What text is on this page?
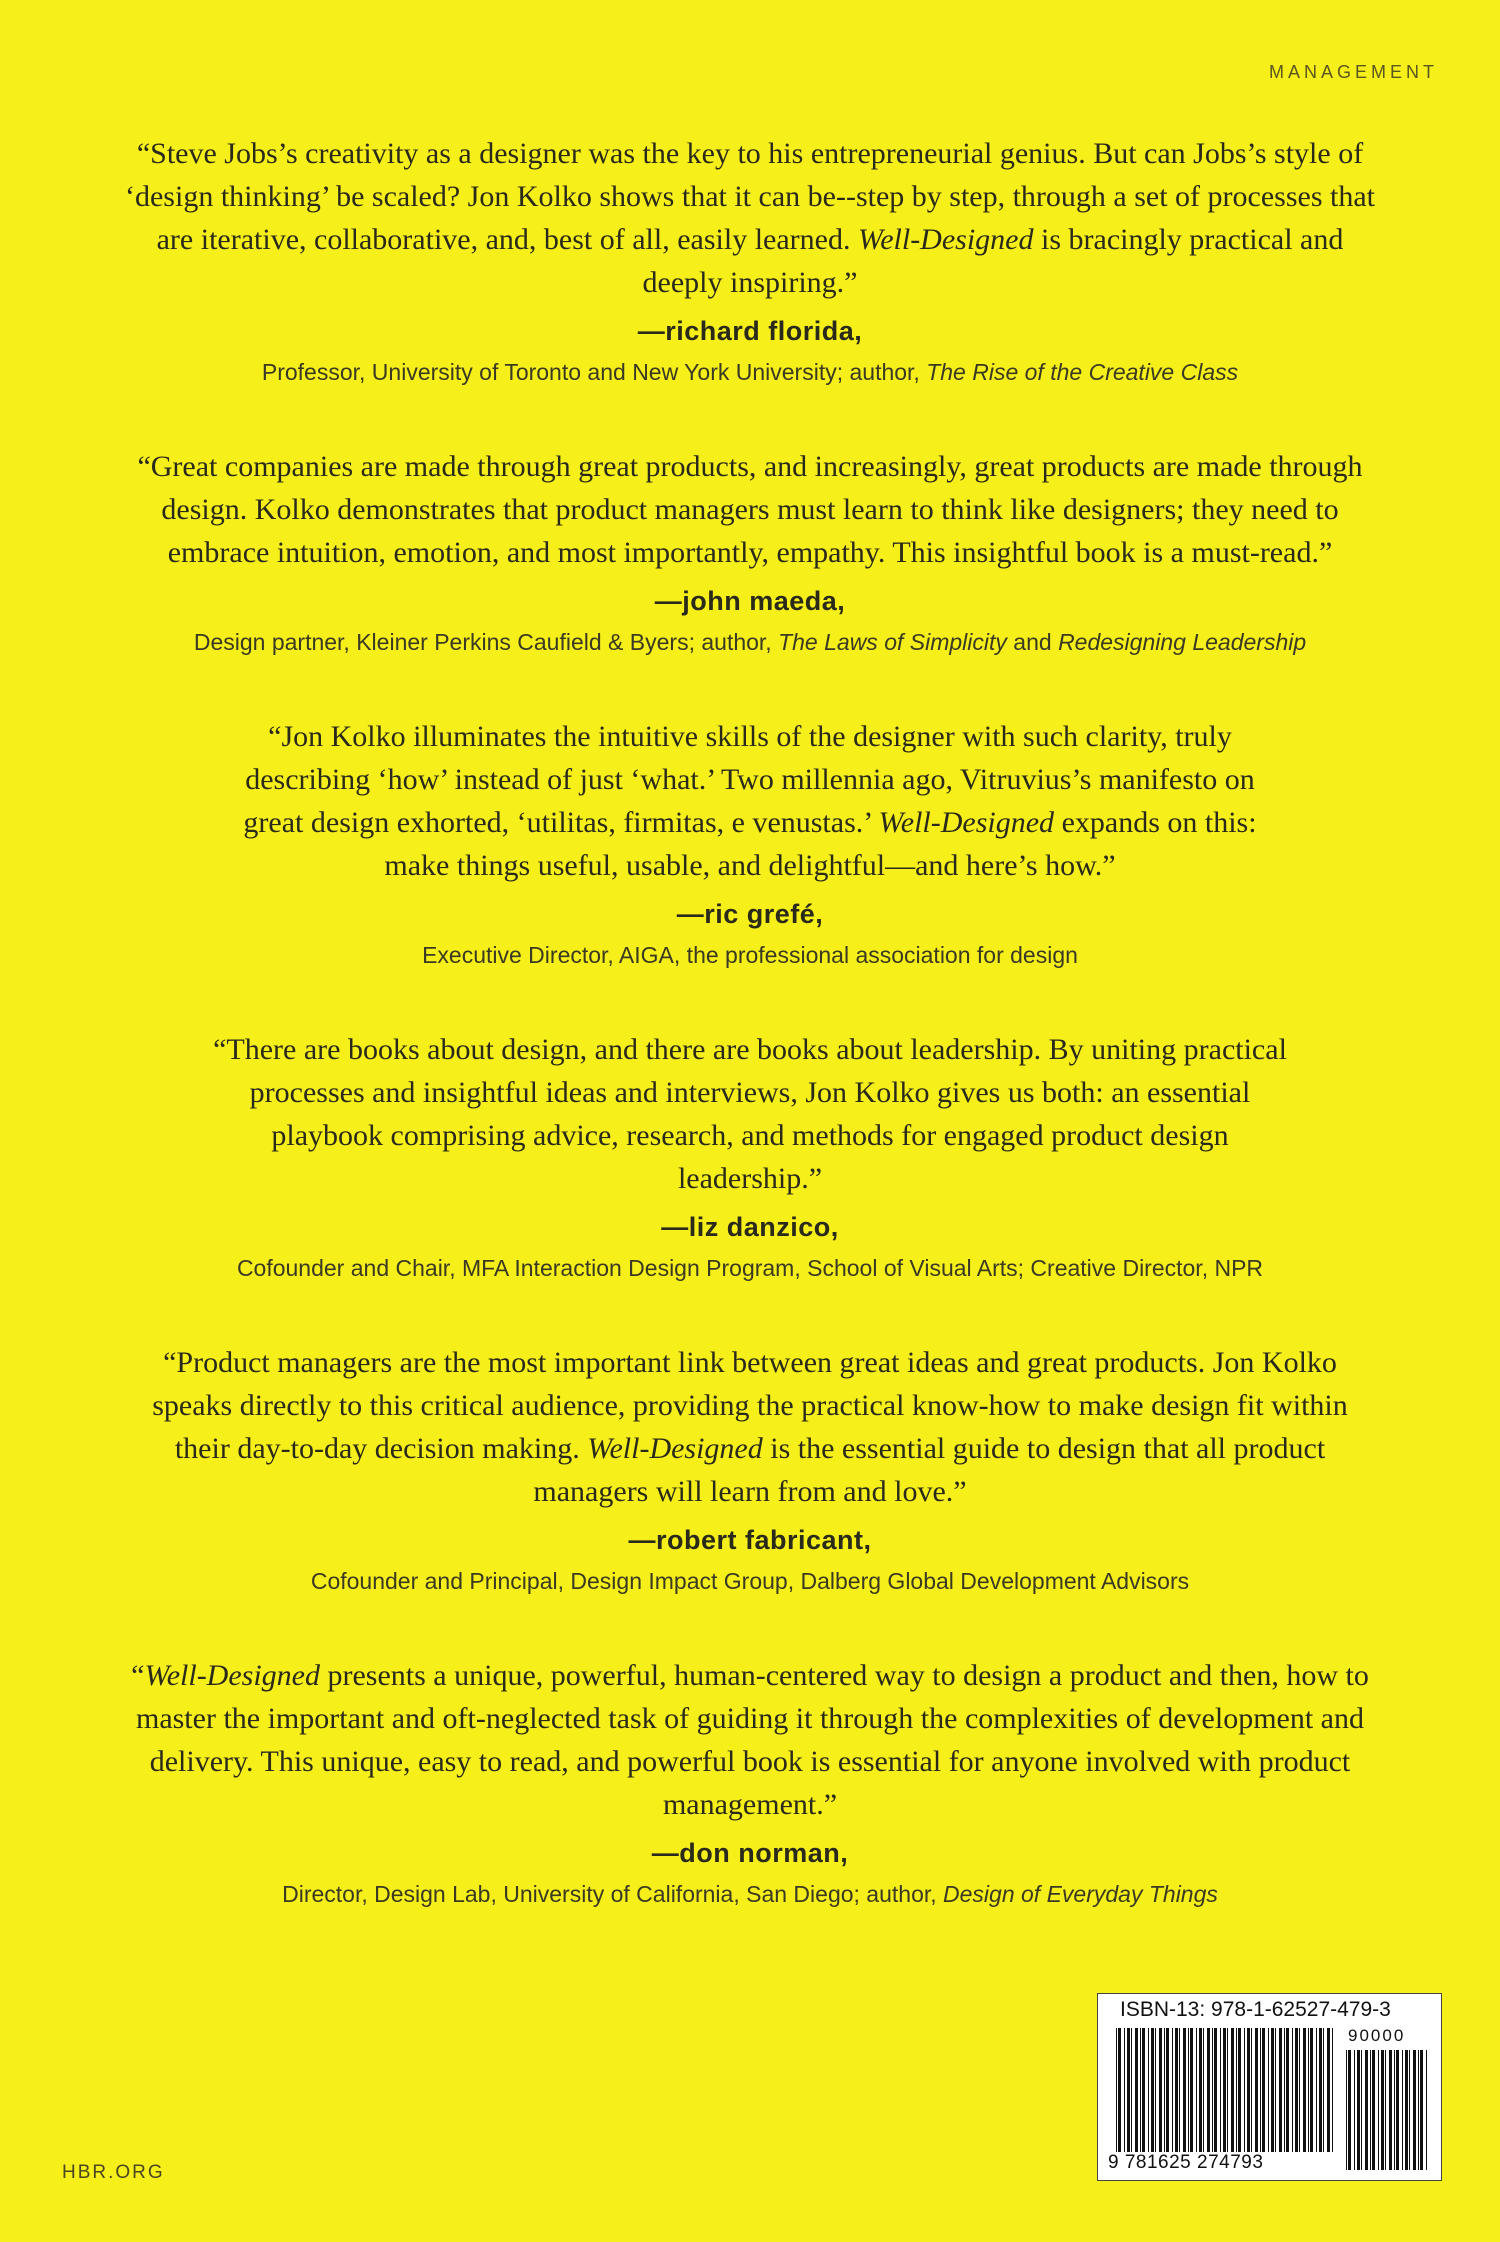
MANAGEMENT

“Steve Jobs’s creativity as a designer was the key to his entrepreneurial genius. But can Jobs’s style of ‘design thinking’ be scaled? Jon Kolko shows that it can be--step by step, through a set of processes that are iterative, collaborative, and, best of all, easily learned. Well-Designed is bracingly practical and deeply inspiring.”

—richard florida,
Professor, University of Toronto and New York University; author, The Rise of the Creative Class

“Great companies are made through great products, and increasingly, great products are made through design. Kolko demonstrates that product managers must learn to think like designers; they need to embrace intuition, emotion, and most importantly, empathy. This insightful book is a must-read.”

—john maeda,
Design partner, Kleiner Perkins Caufield & Byers; author, The Laws of Simplicity and Redesigning Leadership

“Jon Kolko illuminates the intuitive skills of the designer with such clarity, truly describing ‘how’ instead of just ‘what.’ Two millennia ago, Vitruvius’s manifesto on great design exhorted, ‘utilitas, firmitas, e venustas.’ Well-Designed expands on this: make things useful, usable, and delightful—and here’s how.”

—ric grefé,
Executive Director, AIGA, the professional association for design

“There are books about design, and there are books about leadership. By uniting practical processes and insightful ideas and interviews, Jon Kolko gives us both: an essential playbook comprising advice, research, and methods for engaged product design leadership.”

—liz danzico,
Cofounder and Chair, MFA Interaction Design Program, School of Visual Arts; Creative Director, NPR

“Product managers are the most important link between great ideas and great products. Jon Kolko speaks directly to this critical audience, providing the practical know-how to make design fit within their day-to-day decision making. Well-Designed is the essential guide to design that all product managers will learn from and love.”

—robert fabricant,
Cofounder and Principal, Design Impact Group, Dalberg Global Development Advisors

“Well-Designed presents a unique, powerful, human-centered way to design a product and then, how to master the important and oft-neglected task of guiding it through the complexities of development and delivery. This unique, easy to read, and powerful book is essential for anyone involved with product management.”

—don norman,
Director, Design Lab, University of California, San Diego; author, Design of Everyday Things
HBR.ORG
ISBN-13: 978-1-62527-479-3
90000
9 781625 274793
